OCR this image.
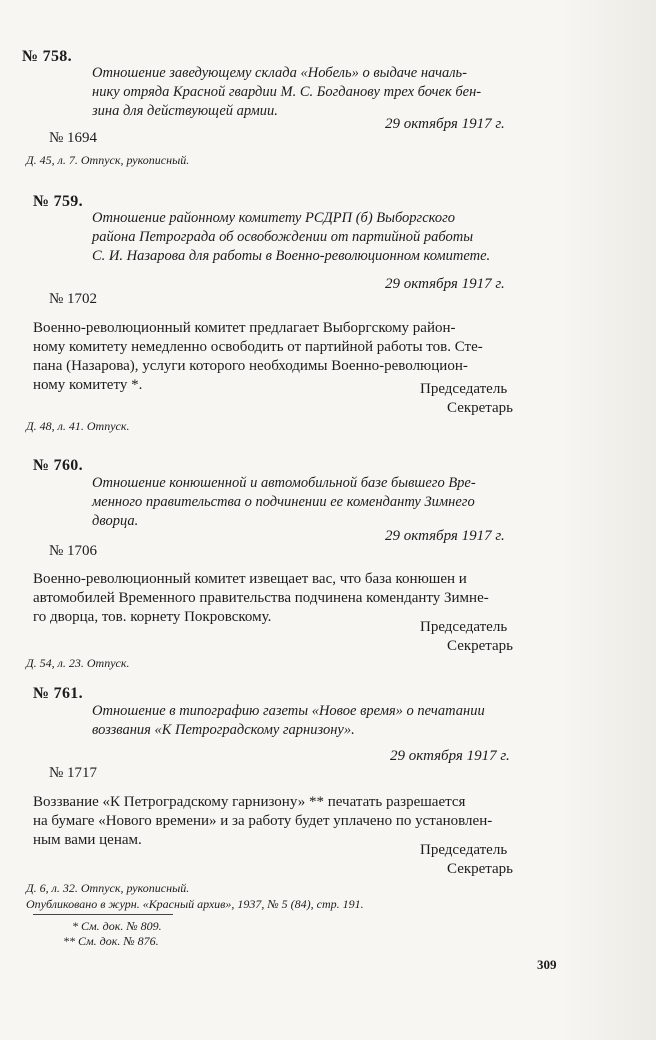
№ 758.
Отношение заведующему склада «Нобель» о выдаче началь-
нику отряда Красной гвардии М. С. Богданову трех бочек бен-
зина для действующей армии.
29 октября 1917 г.
№ 1694
Д. 45, л. 7. Отпуск, рукописный.
№ 759.
Отношение районному комитету РСДРП (б) Выборгского
района Петрограда об освобождении от партийной работы
С. И. Назарова для работы в Военно-революционном комитете.
29 октября 1917 г.
№ 1702
Военно-революционный комитет предлагает Выборгскому район-
ному комитету немедленно освободить от партийной работы тов. Сте-
пана (Назарова), услуги которого необходимы Военно-революцион-
ному комитету *.	Председатель
Секретарь
Д. 48, л. 41. Отпуск.
№ 760.
Отношение конюшенной и автомобильной базе бывшего Вре-
менного правительства о подчинении ее коменданту Зимнего
дворца.
29 октября 1917 г.
№ 1706
Военно-революционный комитет извещает вас, что база конюшен и
автомобилей Временного правительства подчинена коменданту Зимне-
го дворца, тов. корнету Покровскому.
Председатель
Секретарь
Д. 54, л. 23. Отпуск.
№ 761.
Отношение в типографию газеты «Новое время» о печатании
воззвания «К Петроградскому гарнизону».
29 октября 1917 г.
№ 1717
Воззвание «К Петроградскому гарнизону» ** печатать разрешается
на бумаге «Нового времени» и за работу будет уплачено по установлен-
ным вами ценам.
Председатель
Секретарь
Д. 6, л. 32. Отпуск, рукописный.
Опубликовано в журн. «Красный архив», 1937, № 5 (84), стр. 191.
* См. док. № 809.
** См. док. № 876.
309
